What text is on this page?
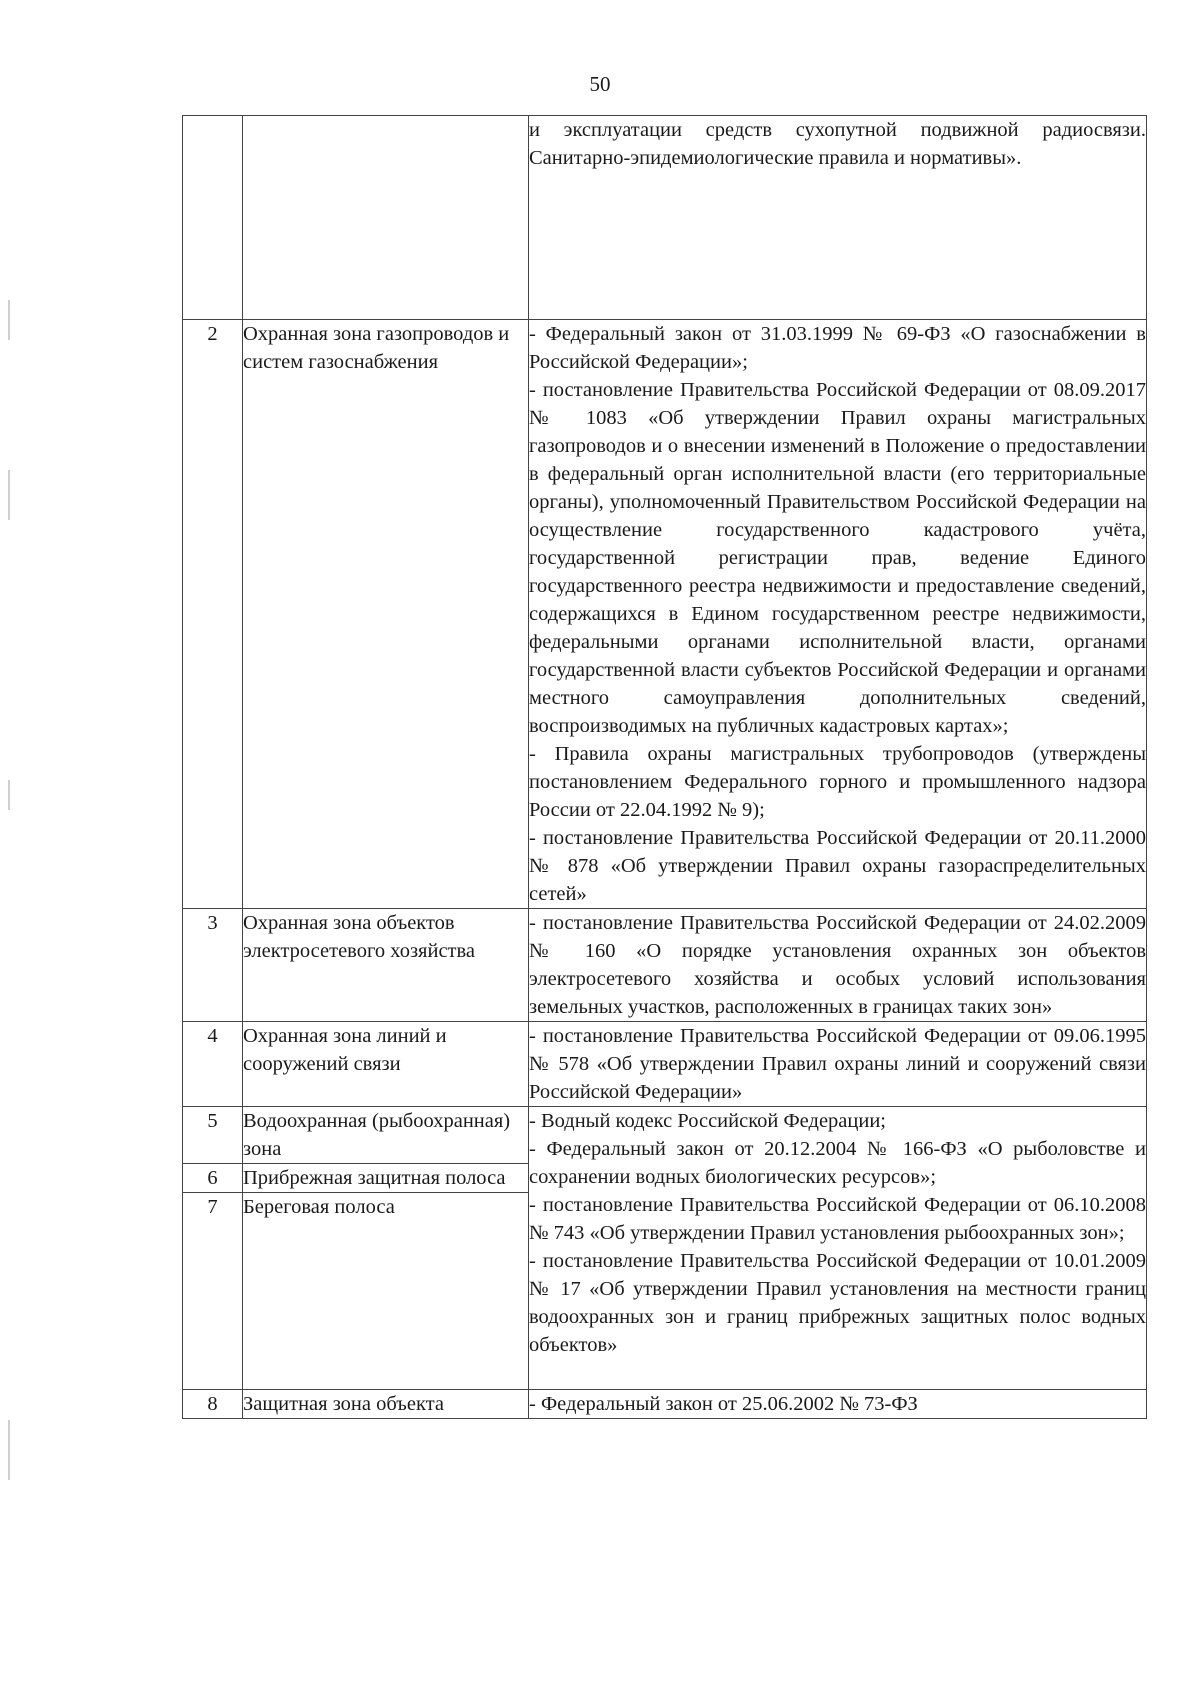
50

		и эксплуатации средств сухопутной подвижной радиосвязи. Санитарно-эпидемиологические правила и нормативы».

2	Охранная зона газопроводов и систем газоснабжения	- Федеральный закон от 31.03.1999 № 69-ФЗ «О газоснабжении в Российской Федерации»;

- постановление Правительства Российской Федерации от 08.09.2017 № 1083 «Об утверждении Правил охраны магистральных газопроводов и о внесении изменений в Положение о предоставлении в федеральный орган исполнительной власти (его территориальные органы), уполномоченный Правительством Российской Федерации на осуществление государственного кадастрового учёта, государственной регистрации прав, ведение Единого государственного реестра недвижимости и предоставление сведений, содержащихся в Едином государственном реестре недвижимости, федеральными органами исполнительной власти, органами государственной власти субъектов Российской Федерации и органами местного самоуправления дополнительных сведений, воспроизводимых на публичных кадастровых картах»;

- Правила охраны магистральных трубопроводов (утверждены постановлением Федерального горного и промышленного надзора России от 22.04.1992 № 9);

- постановление Правительства Российской Федерации от 20.11.2000 № 878 «Об утверждении Правил охраны газораспределительных сетей»

3	Охранная зона объектов электросетевого хозяйства	- постановление Правительства Российской Федерации от 24.02.2009 № 160 «О порядке установления охранных зон объектов электросетевого хозяйства и особых условий использования земельных участков, расположенных в границах таких зон»

4	Охранная зона линий и сооружений связи	- постановление Правительства Российской Федерации от 09.06.1995 № 578 «Об утверждении Правил охраны линий и сооружений связи Российской Федерации»

5	Водоохранная (рыбоохранная) зона	- Водный кодекс Российской Федерации;

- Федеральный закон от 20.12.2004 № 166-ФЗ «О рыболовстве и сохранении водных биологических ресурсов»;

- постановление Правительства Российской Федерации от 06.10.2008 № 743 «Об утверждении Правил установления рыбоохранных зон»;

- постановление Правительства Российской Федерации от 10.01.2009 № 17 «Об утверждении Правил установления на местности границ водоохранных зон и границ прибрежных защитных полос водных объектов»

6	Прибрежная защитная полоса	
7	Береговая полоса	
8	Защитная зона объекта	- Федеральный закон от 25.06.2002 № 73-ФЗ
